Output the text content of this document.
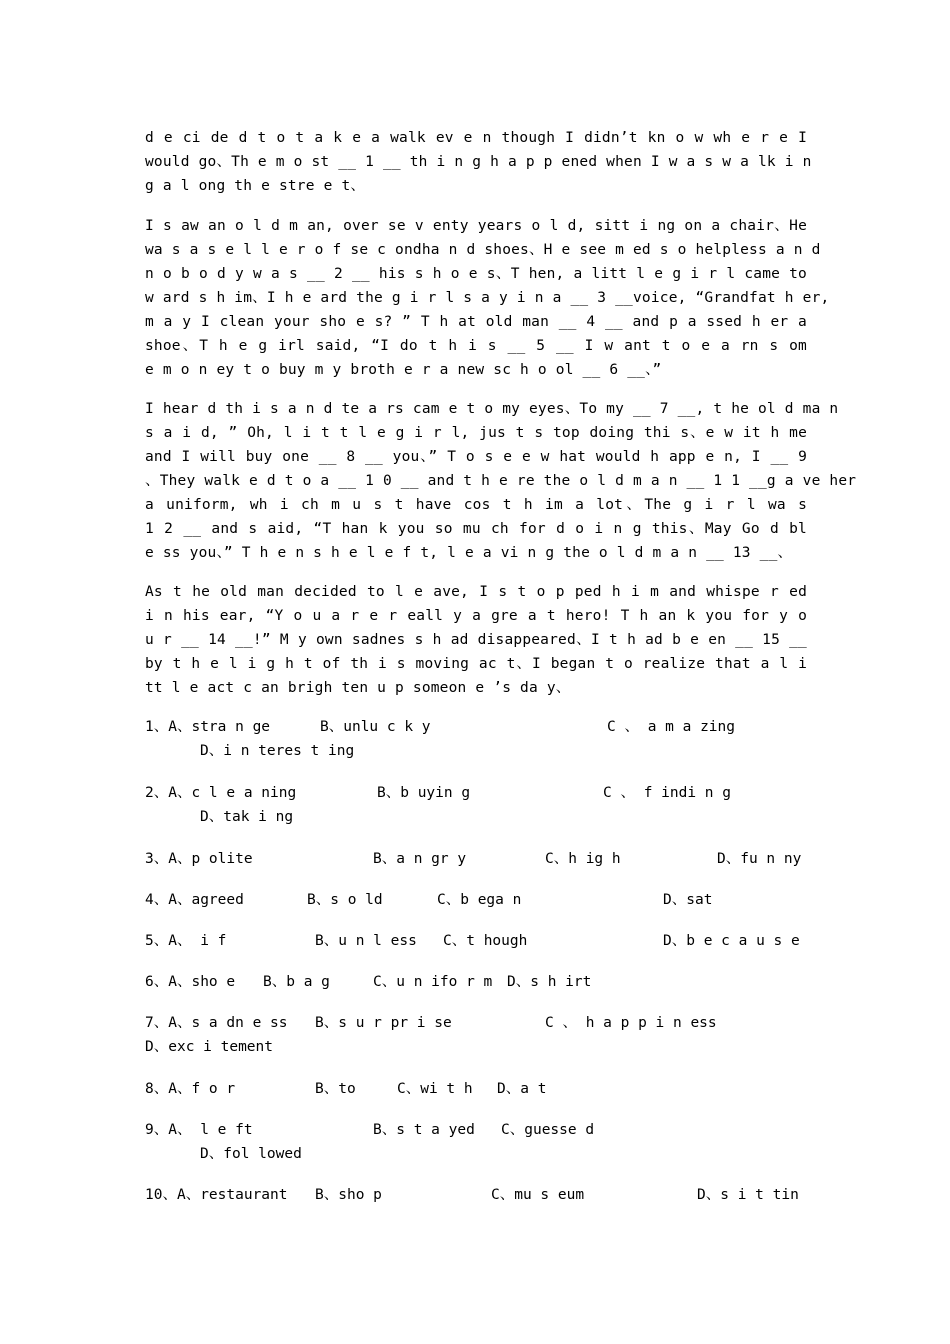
d e ci de d t o t a k e a walk ev e n though I didn’t kn o w wh e r e I

would go、Th e m o st __ 1 __ th i n g h a p p ened when I w a s w a lk i n

g a l ong th e stre e t、

I s aw an o l d m an, over se v enty years o l d, sitt i ng on a chair、He

wa s a s e l l e r o f se c ondha n d shoes、H e see m ed s o helpless a n d

n o b o d y w a s __ 2 __ his s h o e s、T hen, a litt l e g i r l came to

w ard s h im、I h e ard the g i r l s a y i n a __ 3 __voice, “Grandfat h er,

m a y I clean your sho e s? ” T h at old man __ 4 __ and p a ssed h er a

shoe、T h e g irl said, “I do t h i s __ 5 __ I w ant t o e a rn s om

e m o n ey t o buy m y broth e r a new sc h o ol __ 6 __、”

I hear d th i s a n d te a rs cam e t o my eyes、To my __ 7 __, t he ol d ma n

s a i d, ” Oh, l i t t l e g i r l, jus t s top doing thi s、e w it h me

and I will buy one __ 8 __ you、” T o s e e w hat would h app e n, I __ 9

、They walk e d t o a __ 1 0 __ and t h e re the o l d m a n __ 1 1 __g a ve her

a uniform, wh i ch m u s t have cos t h im a lot、The g i r l wa s

1 2 __ and s aid, “T han k you so mu ch for d o i n g this、May Go d bl

e ss you、” T h e n s h e l e f t, l e a vi n g the o l d m a n __ 13 __、

As t he old man decided to l e ave, I s t o p ped h i m and whispe r ed

i n his ear, “Y o u a r e r eall y a gre a t hero! T h an k you for y o

u r __ 14 __!” M y own sadnes s h ad disappeared、I t h ad b e en __ 15 __

by t h e l i g h t of th i s moving ac t、I began t o realize that a l i

tt l e act c an brigh ten u p someon e ’s da y、

1、A、stra n ge	B、unlu c k y	C 、 a m a zing
D、i n teres t ing
2、A、c l e a ning	B、b uyin g	C 、 f indi n g
D、tak i ng
3、A、p olite	B、a n gr y	C、h ig h	D、fu n ny
4、A、agreed	B、s o ld	C、b ega n	D、sat
5、A、 i f	B、u n l ess C、t hough	D、b e c a u s e
6、A、sho e B、b a g	C、u n ifo r m D、s h irt
7、A、s a dn e ss B、s u r pr i se	C 、 h a p p i n ess
D、exc i tement
8、A、f o r	B、to	C、wi t h D、a t
9、A、 l e ft	B、s t a yed C、guesse d
D、fol lowed
10、A、restaurant B、sho p	C、mu s eum	D、s i t tin
